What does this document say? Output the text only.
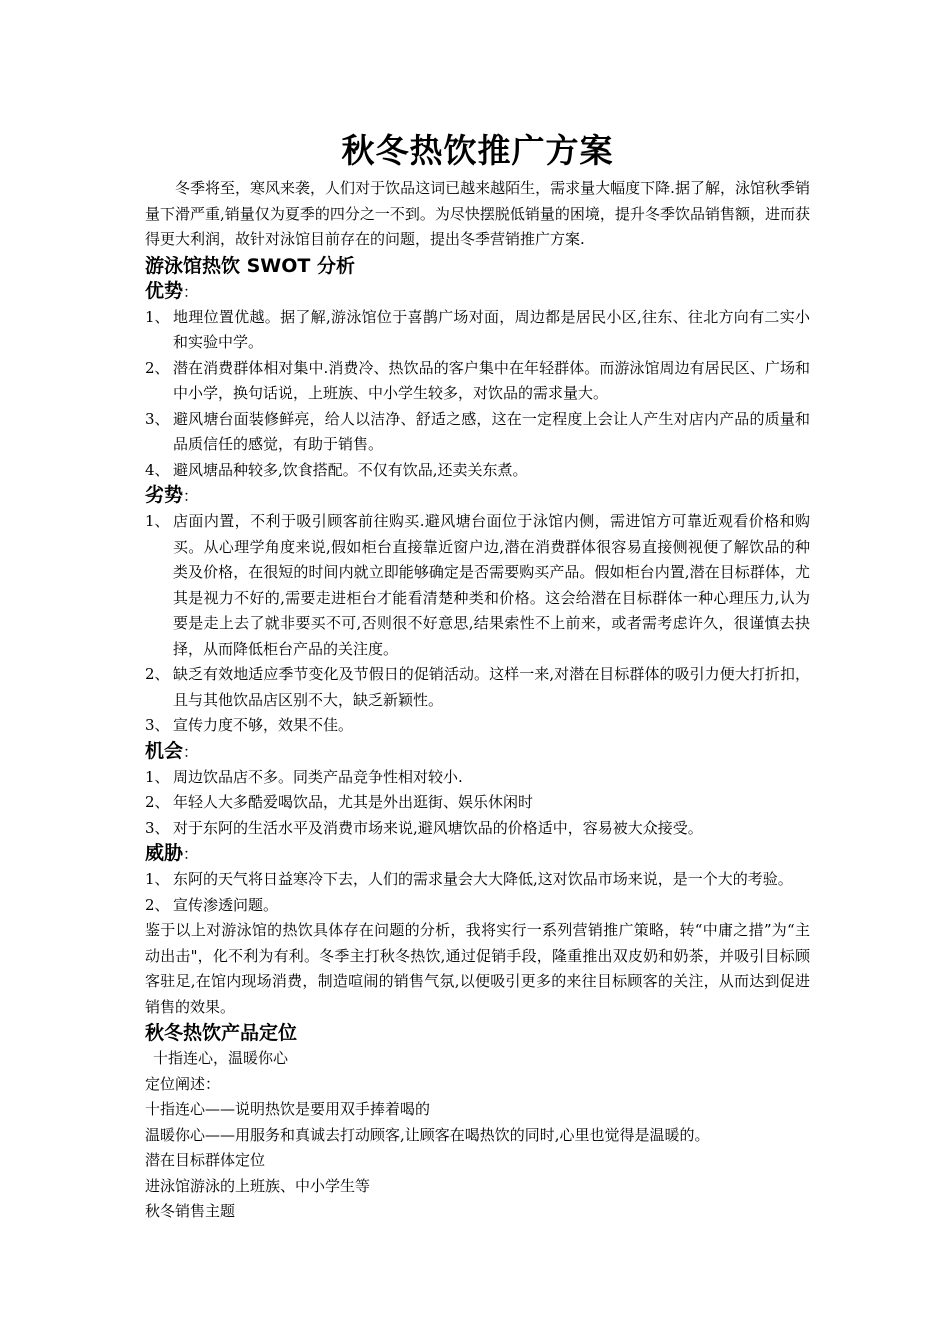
秋冬热饮推广方案

冬季将至，寒风来袭，人们对于饮品这词已越来越陌生，需求量大幅度下降.据了解，泳馆秋季销量下滑严重,销量仅为夏季的四分之一不到。为尽快摆脱低销量的困境，提升冬季饮品销售额，进而获得更大利润，故针对泳馆目前存在的问题，提出冬季营销推广方案.

游泳馆热饮 SWOT 分析
优势：
1、 地理位置优越。据了解,游泳馆位于喜鹊广场对面，周边都是居民小区,往东、往北方向有二实小和实验中学。
2、 潜在消费群体相对集中.消费冷、热饮品的客户集中在年轻群体。而游泳馆周边有居民区、广场和中小学，换句话说，上班族、中小学生较多，对饮品的需求量大。
3、 避风塘台面装修鲜亮，给人以洁净、舒适之感，这在一定程度上会让人产生对店内产品的质量和品质信任的感觉，有助于销售。
4、 避风塘品种较多,饮食搭配。不仅有饮品,还卖关东煮。
劣势：
1、 店面内置，不利于吸引顾客前往购买.避风塘台面位于泳馆内侧，需进馆方可靠近观看价格和购买。从心理学角度来说,假如柜台直接靠近窗户边,潜在消费群体很容易直接侧视便了解饮品的种类及价格，在很短的时间内就立即能够确定是否需要购买产品。假如柜台内置,潜在目标群体，尤其是视力不好的,需要走进柜台才能看清楚种类和价格。这会给潜在目标群体一种心理压力,认为要是走上去了就非要买不可,否则很不好意思,结果索性不上前来，或者需考虑许久，很谨慎去抉择，从而降低柜台产品的关注度。
2、 缺乏有效地适应季节变化及节假日的促销活动。这样一来,对潜在目标群体的吸引力便大打折扣，且与其他饮品店区别不大，缺乏新颖性。
3、 宣传力度不够，效果不佳。
机会：
1、 周边饮品店不多。同类产品竞争性相对较小.
2、 年轻人大多酷爱喝饮品，尤其是外出逛街、娱乐休闲时
3、 对于东阿的生活水平及消费市场来说,避风塘饮品的价格适中，容易被大众接受。
威胁：
1、 东阿的天气将日益寒冷下去，人们的需求量会大大降低,这对饮品市场来说，是一个大的考验。
2、 宣传渗透问题。

鉴于以上对游泳馆的热饮具体存在问题的分析，我将实行一系列营销推广策略，转“中庸之措”为“主动出击"，化不利为有利。冬季主打秋冬热饮,通过促销手段，隆重推出双皮奶和奶茶，并吸引目标顾客驻足,在馆内现场消费，制造喧闹的销售气氛,以便吸引更多的来往目标顾客的关注，从而达到促进销售的效果。

秋冬热饮产品定位

十指连心，温暖你心

定位阐述：

十指连心——说明热饮是要用双手捧着喝的

温暖你心——用服务和真诚去打动顾客,让顾客在喝热饮的同时,心里也觉得是温暖的。

潜在目标群体定位

进泳馆游泳的上班族、中小学生等

秋冬销售主题
